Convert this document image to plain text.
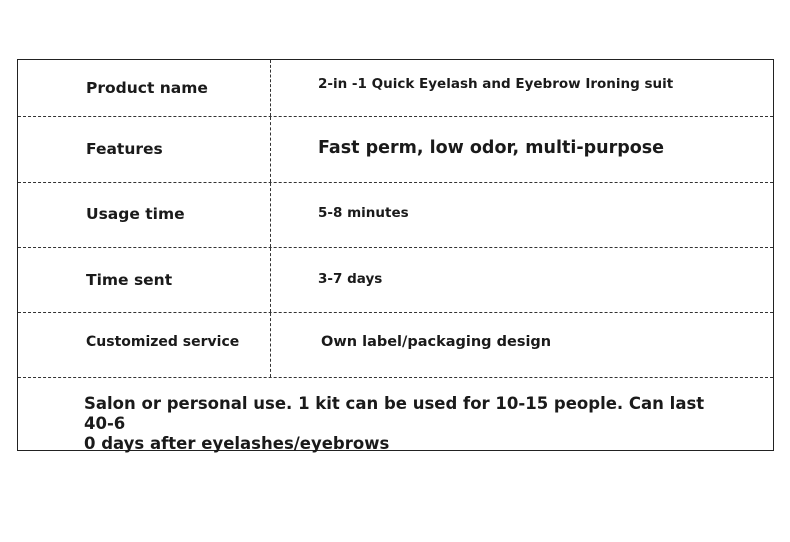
Product name	2-in -1 Quick Eyelash and Eyebrow Ironing suit
Features	Fast perm, low odor, multi-purpose
Usage time	5-8 minutes
Time sent	3-7 days
Customized service	Own label/packaging design
Salon or personal use. 1 kit can be used for 10-15 people. Can last 40-6
0 days after eyelashes/eyebrows
